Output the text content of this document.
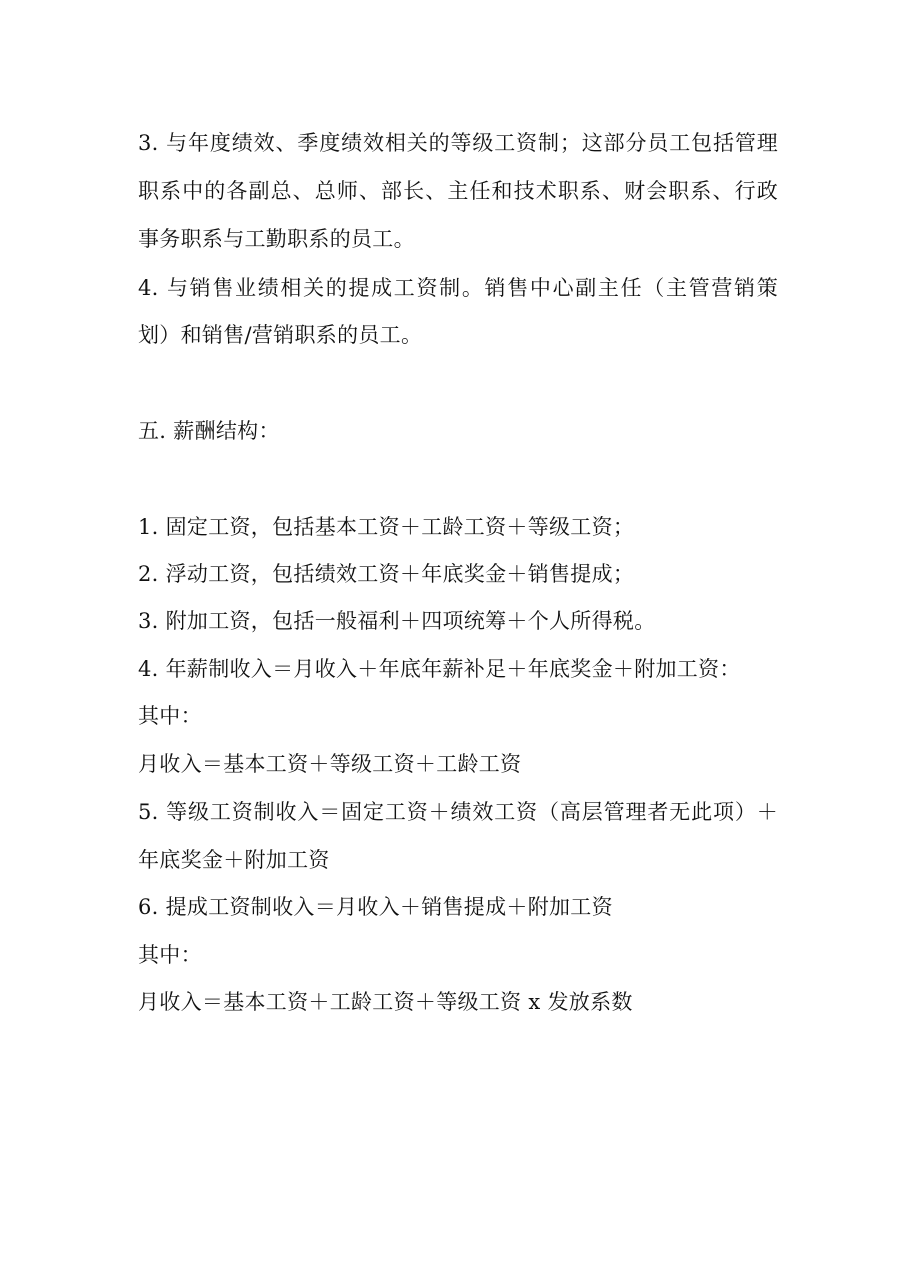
3. 与年度绩效、季度绩效相关的等级工资制；这部分员工包括管理
职系中的各副总、总师、部长、主任和技术职系、财会职系、行政
事务职系与工勤职系的员工。
4. 与销售业绩相关的提成工资制。销售中心副主任（主管营销策
划）和销售/营销职系的员工。
五. 薪酬结构：
1. 固定工资，包括基本工资＋工龄工资＋等级工资；
2. 浮动工资，包括绩效工资＋年底奖金＋销售提成；
3. 附加工资，包括一般福利＋四项统筹＋个人所得税。
4. 年薪制收入＝月收入＋年底年薪补足＋年底奖金＋附加工资：
其中：
月收入＝基本工资＋等级工资＋工龄工资
5. 等级工资制收入＝固定工资＋绩效工资（高层管理者无此项）＋
年底奖金＋附加工资
6. 提成工资制收入＝月收入＋销售提成＋附加工资
其中：
月收入＝基本工资＋工龄工资＋等级工资 x 发放系数
